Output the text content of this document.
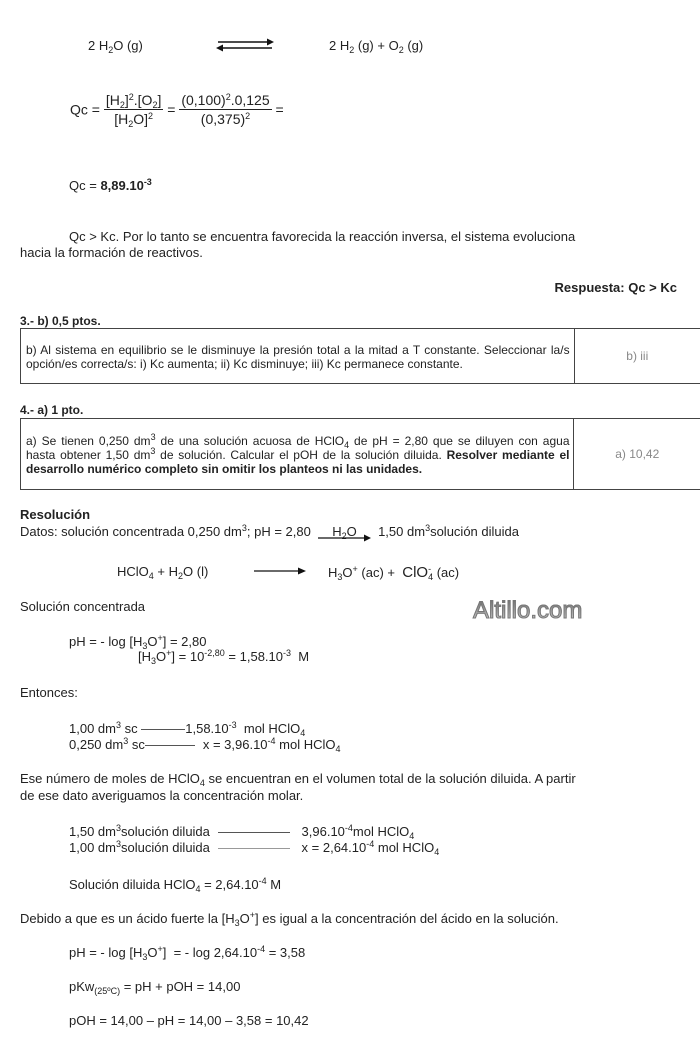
2 $H_2O$ (g)	2 $H_2$ $(g) + O_2$ (g)
$Qc = \frac{[H_2]^2.[O_2]}{[H_2O]^2} = \frac{(0,100)^2.0,125}{(0,375)^2}$ =
$Qc = 8,89.10^{-3}$
Qc > Kc. Por lo tanto se encuentra favorecida la reacción inversa, el sistema evoluciona
hacia la formación de reactivos.
Respuesta: Qc > Kc
3.- b) 0,5 ptos.
b) Al sistema en equilibrio se le disminuye la presión total a la mitad a T constante. Seleccionar la/s opción/es correcta/s: i) Kc aumenta; ii) Kc disminuye; iii) Kc permanece constante.	b) iii
4.- a) 1 pto.
a) Se tienen 0,250 $dm^3$ de una solución acuosa de HClO$_4$ de pH = 2,80 que se diluyen con agua hasta obtener 1,50 $dm^3$ de solución. Calcular el pOH de la solución diluida. Resolver mediante el desarrollo numérico completo sin omitir los planteos ni las unidades.	a) 10,42
Resolución
Datos: solución concentrada 0,250 $dm^3$; pH = 2,80 $H_2O$ 1,50 $dm^3solución$ diluida
HClO$_4$ + $H_2O$ (l)	$H_3O^+$ (ac) +  ClO -
4 (ac)
Solución concentrada	Altillo.com
pH = - $\log [H_3O^+] = 2,80$
$[H_3O^+] = 10^{-2,80} = 1,58.10^{-3}$  M
Entonces:
1,00 $dm^3$ sc	$1,58.10^{-3}$  mol HClO$_4$
0,250 $dm^3$ sc	$x = 3,96.10^{-4}$ mol HClO$_4$
Ese número de moles de HClO$_4$ se encuentran en el volumen total de la solución diluida. A partir
de ese dato averiguamos la concentración molar.
1,50 $dm^3solución$ diluida	$3,96.10^{-4}mol$ HClO$_4$
1,00 $dm^3solución$ diluida	$x = 2,64.10^{-4}$ mol HClO$_4$
Solución diluida HClO$_4$ = $2,64.10^{-4}$ M
Debido a que es un ácido fuerte la $[H_3O^+]$ es igual a la concentración del ácido en la solución.
pH = - $\log [H_3O^+]$  = - $\log 2,64.10^{-4} = 3,58$
pKw$_{(25ºC)}$ = pH + pOH = 14,00
pOH = 14,00 – pH = 14,00 – 3,58 = 10,42
